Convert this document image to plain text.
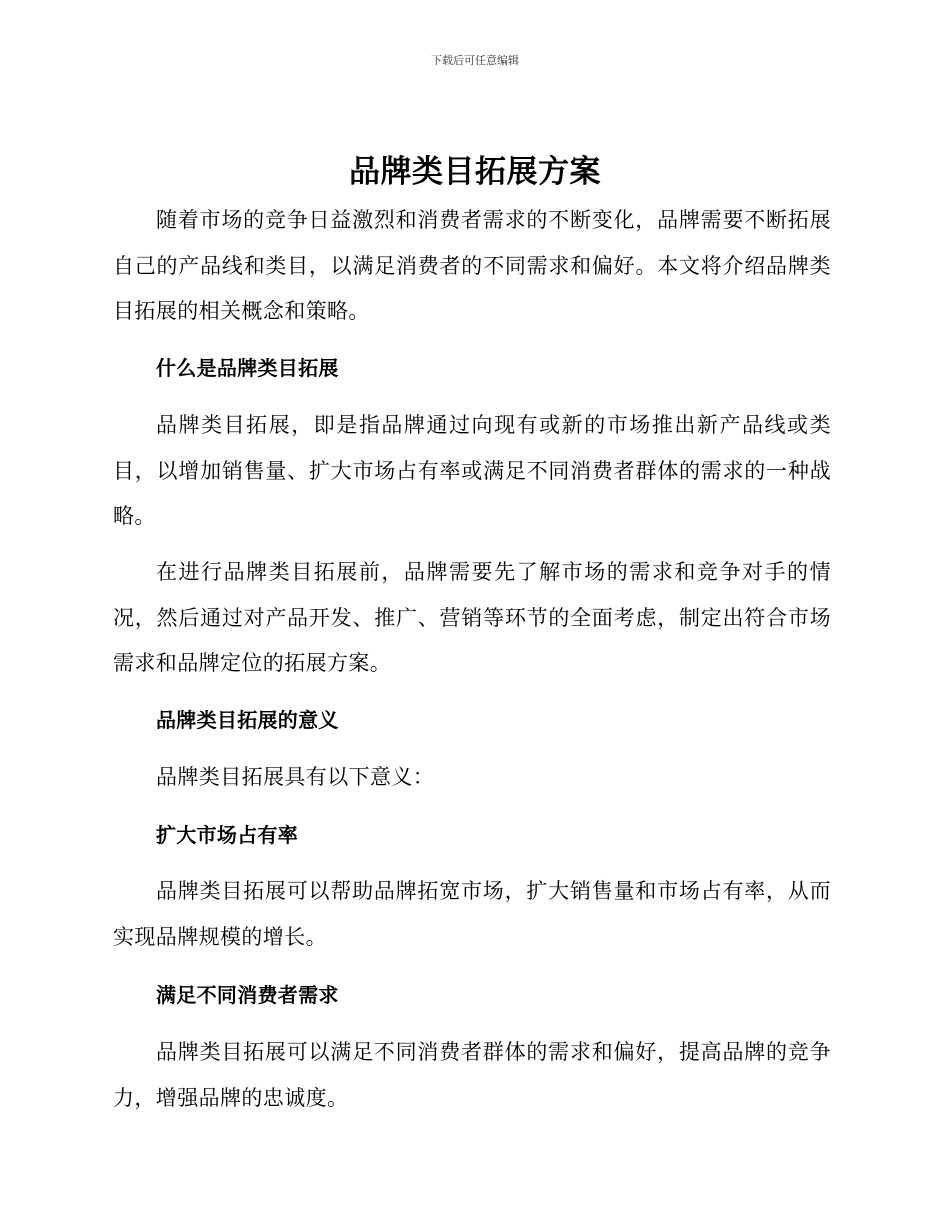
下载后可任意编辑
品牌类目拓展方案

随着市场的竞争日益激烈和消费者需求的不断变化，品牌需要不断拓展自己的产品线和类目，以满足消费者的不同需求和偏好。本文将介绍品牌类目拓展的相关概念和策略。

什么是品牌类目拓展

品牌类目拓展，即是指品牌通过向现有或新的市场推出新产品线或类目，以增加销售量、扩大市场占有率或满足不同消费者群体的需求的一种战略。

在进行品牌类目拓展前，品牌需要先了解市场的需求和竞争对手的情况，然后通过对产品开发、推广、营销等环节的全面考虑，制定出符合市场需求和品牌定位的拓展方案。

品牌类目拓展的意义

品牌类目拓展具有以下意义：

扩大市场占有率

品牌类目拓展可以帮助品牌拓宽市场，扩大销售量和市场占有率，从而实现品牌规模的增长。

满足不同消费者需求

品牌类目拓展可以满足不同消费者群体的需求和偏好，提高品牌的竞争力，增强品牌的忠诚度。
